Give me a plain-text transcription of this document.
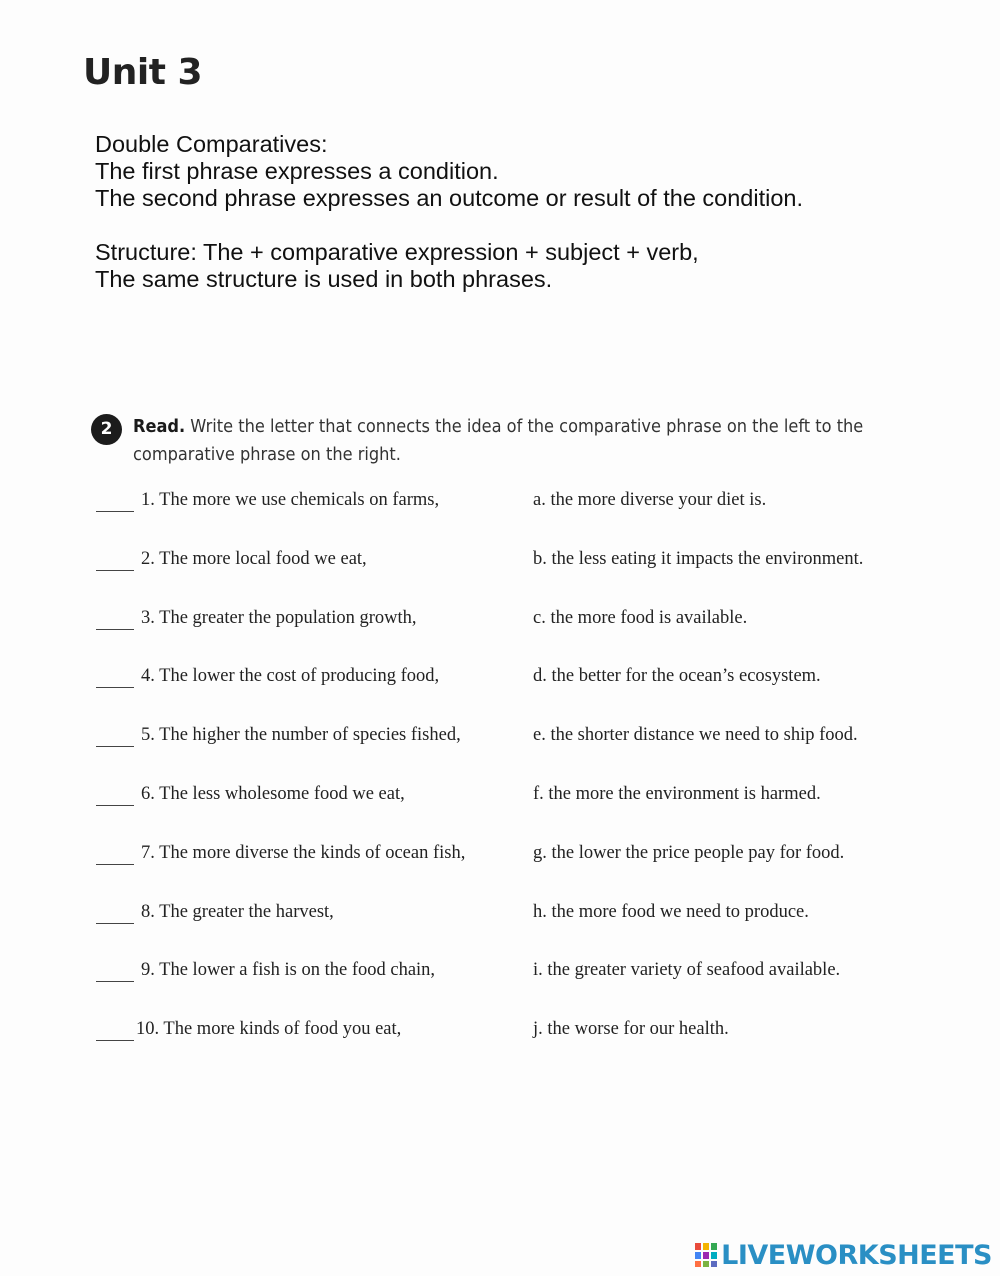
Unit 3
Double Comparatives:
The first phrase expresses a condition.
The second phrase expresses an outcome or result of the condition.
Structure: The + comparative expression + subject + verb,
The same structure is used in both phrases.
2	Read. Write the letter that connects the idea of the comparative phrase on the left to the comparative phrase on the right.
1. The more we use chemicals on farms,	a. the more diverse your diet is.
2. The more local food we eat,	b. the less eating it impacts the environment.
3. The greater the population growth,	c. the more food is available.
4. The lower the cost of producing food,	d. the better for the ocean’s ecosystem.
5. The higher the number of species fished,	e. the shorter distance we need to ship food.
6. The less wholesome food we eat,	f. the more the environment is harmed.
7. The more diverse the kinds of ocean fish,	g. the lower the price people pay for food.
8. The greater the harvest,	h. the more food we need to produce.
9. The lower a fish is on the food chain,	i. the greater variety of seafood available.
10. The more kinds of food you eat,	j. the worse for our health.
LIVEWORKSHEETS
